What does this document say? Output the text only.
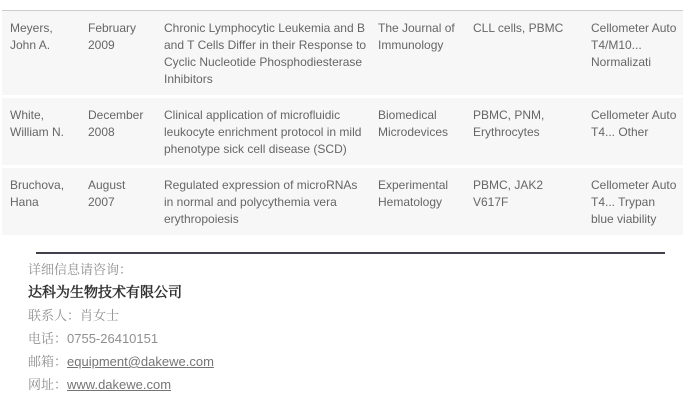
Meyers, John A.
February 2009
Chronic Lymphocytic Leukemia and B and T Cells Differ in their Response to Cyclic Nucleotide Phosphodiesterase Inhibitors
The Journal of Immunology
CLL cells, PBMC	Cellometer Auto T4/M10... Normalizati
White, William N.
December 2008
Clinical application of microfluidic leukocyte enrichment protocol in mild phenotype sick cell disease (SCD)
Biomedical Microdevices
PBMC, PNM, Erythrocytes
Cellometer Auto T4... Other
Bruchova, Hana
August 2007
Regulated expression of microRNAs in normal and polycythemia vera erythropoiesis
Experimental Hematology
PBMC, JAK2 V617F
Cellometer Auto T4... Trypan blue viability
详细信息请咨询：
达科为生物技术有限公司
联系人：肖女士
电话：0755-26410151
邮箱：equipment@dakewe.com
网址：www.dakewe.com
